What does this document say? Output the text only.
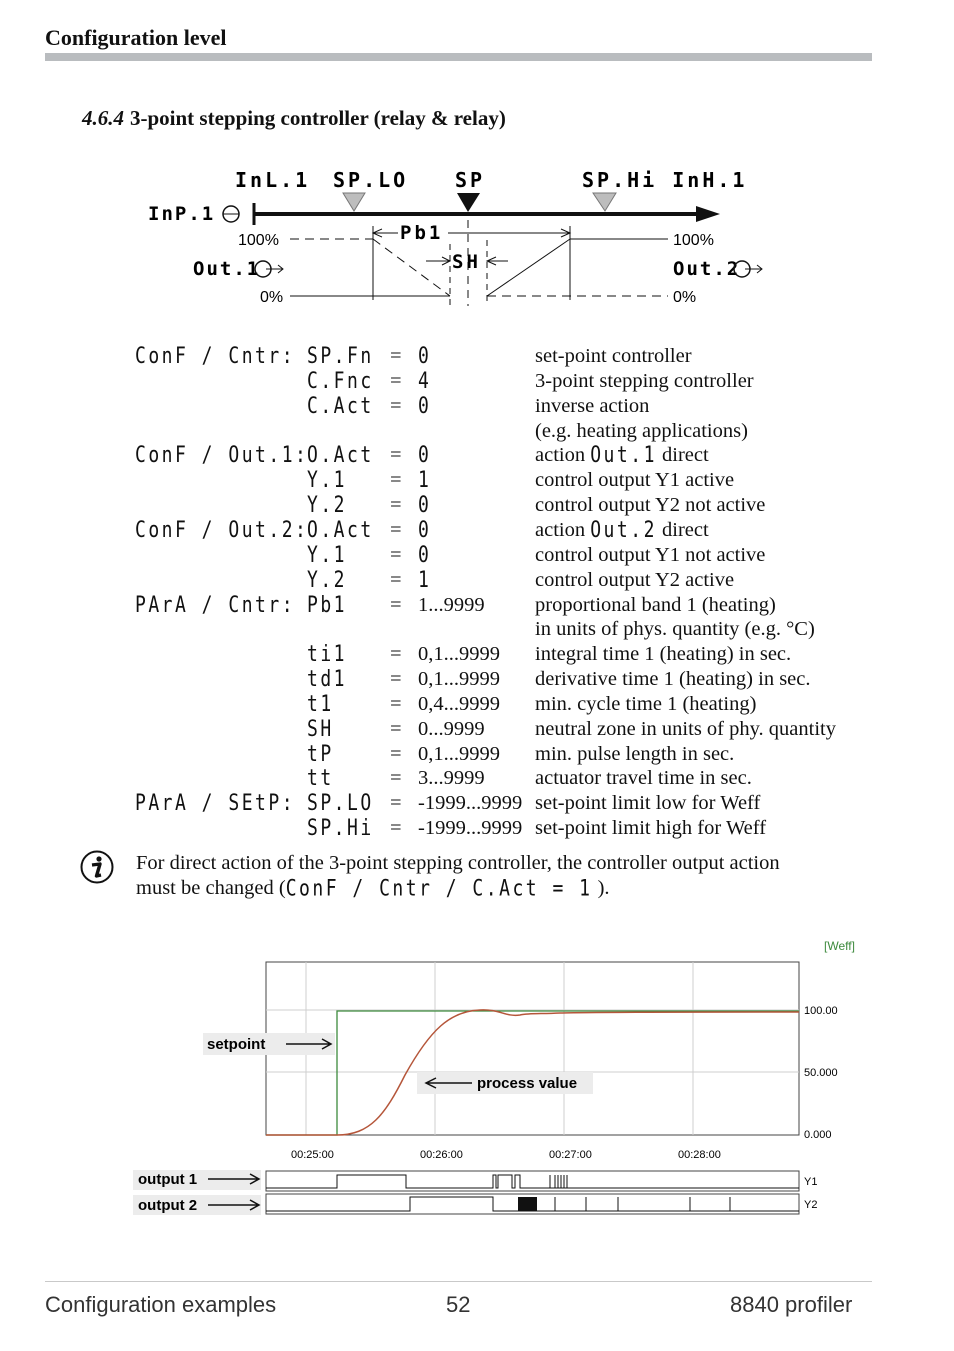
Configuration level
4.6.4 3-point stepping controller (relay & relay)
InL.1 SP.LO SP	SP.Hi InH.1
InP.1
100%
0%
100%
0%
Out.1	Out.2
Pb1
SH
ConF / Cntr: SP.Fn = 0	set-point controller
C.Fnc = 4	3-point stepping controller
C.Act = 0	inverse action
(e.g. heating applications)
ConF / Out.1:
O.Act = 0	action Out.1 direct
Y.1 = 1	control output Y1 active
Y.2 = 0	control output Y2 not active
ConF / Out.2:
O.Act = 0	action Out.2 direct
Y.1 = 0	control output Y1 not active
Y.2 = 1	control output Y2 active
PArA / Cntr: Pb1 = 1...9999 proportional band 1 (heating)
in units of phys. quantity (e.g. °C)
ti1 = 0,1...9999 integral time 1 (heating) in sec.
td1 = 0,1...9999 derivative time 1 (heating) in sec.
t1	= 0,4...9999 min. cycle time 1 (heating)
SH	= 0...9999 neutral zone in units of phy. quantity
tP	= 0,1...9999 min. pulse length in sec.
tt	= 3...9999 actuator travel time in sec.
PArA / SEtP: SP.LO = -1999...9999 set-point limit low for Weff
SP.Hi = -1999...9999 set-point limit high for Weff
For direct action of the 3-point stepping controller, the controller output action
must be changed (ConF / Cntr / C.Act = 1 ).
[Weff]
100.00
50.000
0.000
00:25:00	00:26:00	00:27:00	00:28:00
setpoint
process value
output 1
output 2
Y1
Y2
Configuration examples	52	8840 profiler
